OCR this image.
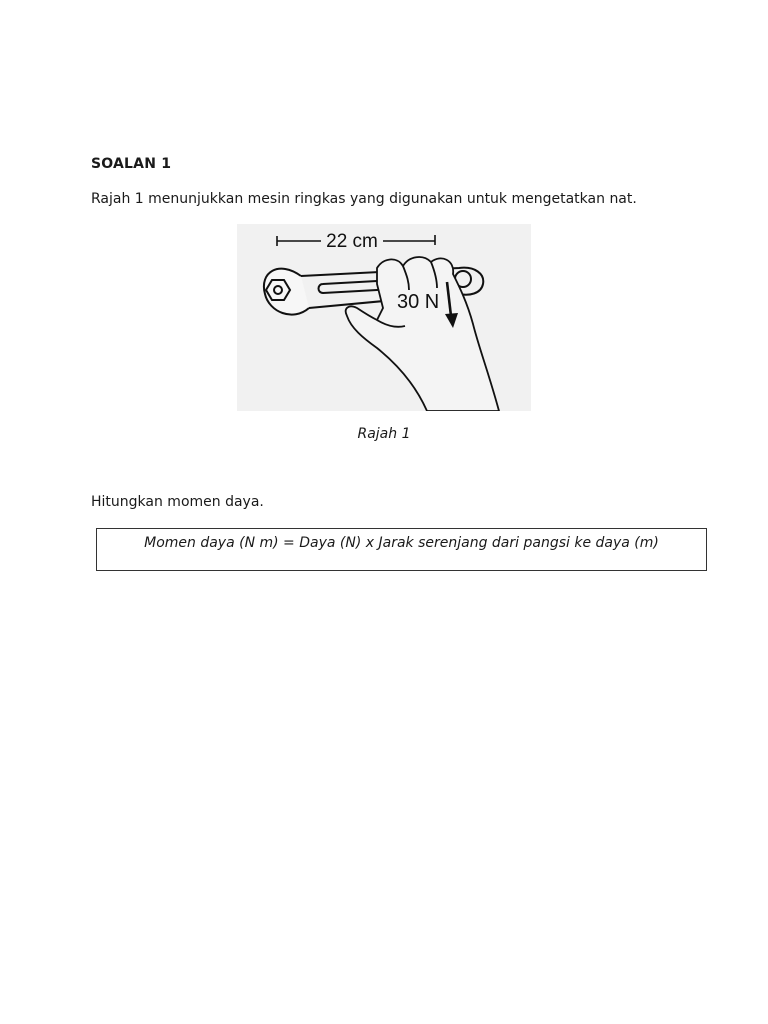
SOALAN 1
Rajah 1 menunjukkan mesin ringkas yang digunakan untuk mengetatkan nat.
22 cm
30 N
Rajah 1
Hitungkan momen daya.
Momen daya (N m) = Daya (N) x Jarak serenjang dari pangsi ke daya (m)
